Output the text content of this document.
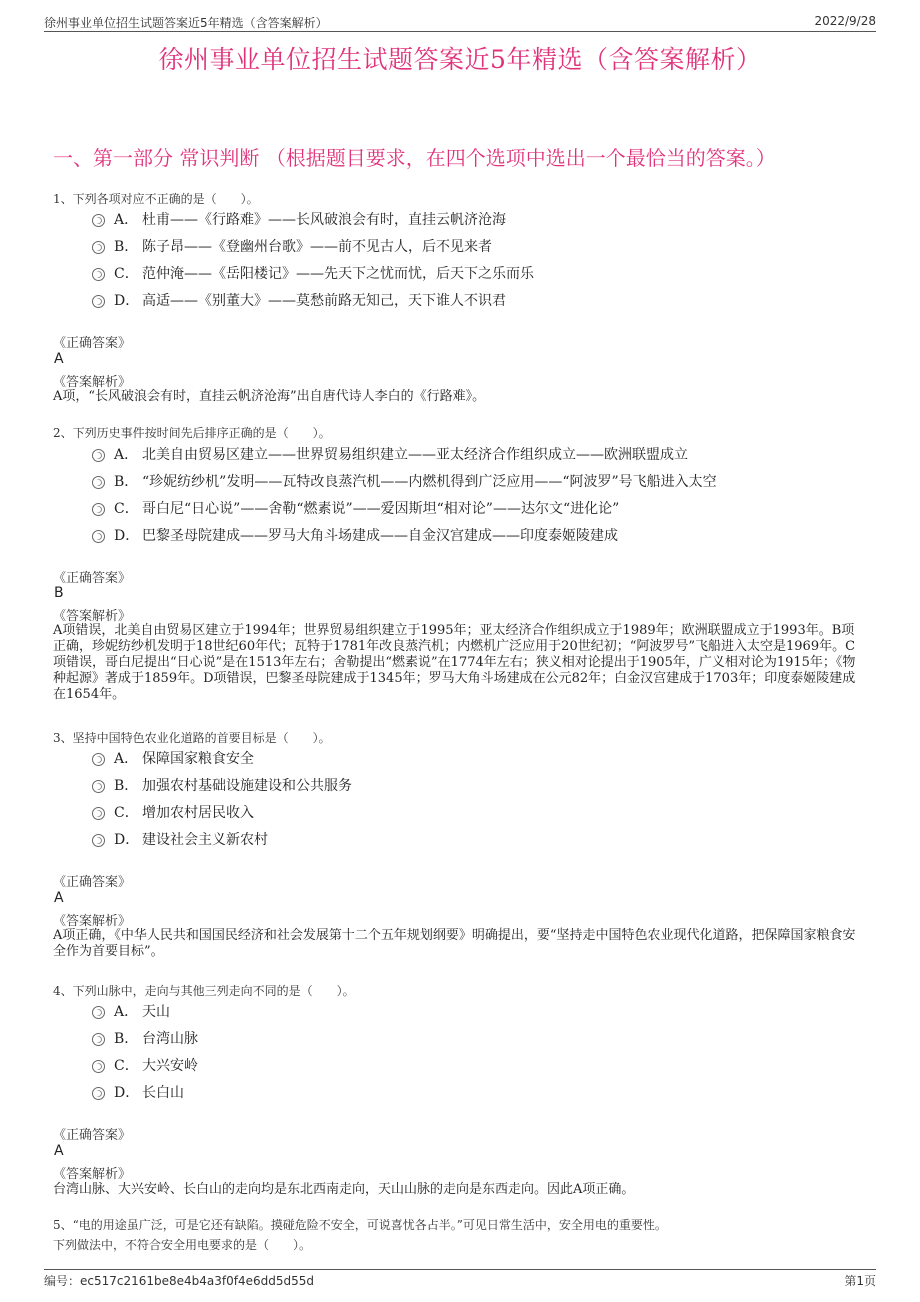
徐州事业单位招生试题答案近5年精选（含答案解析）	2022/9/28
徐州事业单位招生试题答案近5年精选（含答案解析）
一、第一部分 常识判断 （根据题目要求，在四个选项中选出一个最恰当的答案。）
1、下列各项对应不正确的是（　　）。
A． 杜甫——《行路难》——长风破浪会有时，直挂云帆济沧海
B． 陈子昂——《登幽州台歌》——前不见古人，后不见来者
C． 范仲淹——《岳阳楼记》——先天下之忧而忧，后天下之乐而乐
D． 高适——《别董大》——莫愁前路无知己，天下谁人不识君
《正确答案》
A
《答案解析》
A项，“长风破浪会有时，直挂云帆济沧海”出自唐代诗人李白的《行路难》。
2、下列历史事件按时间先后排序正确的是（　　）。
A． 北美自由贸易区建立——世界贸易组织建立——亚太经济合作组织成立——欧洲联盟成立
B． “珍妮纺纱机”发明——瓦特改良蒸汽机——内燃机得到广泛应用——“阿波罗”号飞船进入太空
C． 哥白尼“日心说”——舍勒“燃素说”——爱因斯坦“相对论”——达尔文“进化论”
D． 巴黎圣母院建成——罗马大角斗场建成——自金汉宫建成——印度泰姬陵建成
《正确答案》
B
《答案解析》
A项错误，北美自由贸易区建立于1994年；世界贸易组织建立于1995年；亚太经济合作组织成立于1989年；欧洲联盟成立于1993年。B项正确，珍妮纺纱机发明于18世纪60年代；瓦特于1781年改良蒸汽机；内燃机广泛应用于20世纪初；“阿波罗号”飞船进入太空是1969年。C项错误，哥白尼提出“日心说”是在1513年左右；舍勒提出“燃素说”在1774年左右；狭义相对论提出于1905年，广义相对论为1915年；《物种起源》著成于1859年。D项错误，巴黎圣母院建成于1345年；罗马大角斗场建成在公元82年；白金汉宫建成于1703年；印度泰姬陵建成在1654年。
3、坚持中国特色农业化道路的首要目标是（　　）。
A． 保障国家粮食安全
B． 加强农村基础设施建设和公共服务
C． 增加农村居民收入
D． 建设社会主义新农村
《正确答案》
A
《答案解析》
A项正确，《中华人民共和国国民经济和社会发展第十二个五年规划纲要》明确提出，要“坚持走中国特色农业现代化道路，把保障国家粮食安全作为首要目标”。
4、下列山脉中，走向与其他三列走向不同的是（　　）。
A． 天山
B． 台湾山脉
C． 大兴安岭
D． 长白山
《正确答案》
A
《答案解析》
台湾山脉、大兴安岭、长白山的走向均是东北西南走向，天山山脉的走向是东西走向。因此A项正确。
5、“电的用途虽广泛，可是它还有缺陷。摸碰危险不安全，可说喜忧各占半。”可见日常生活中，安全用电的重要性。
下列做法中，不符合安全用电要求的是（　　）。
编号：ec517c2161be8e4b4a3f0f4e6dd5d55d	第1页
